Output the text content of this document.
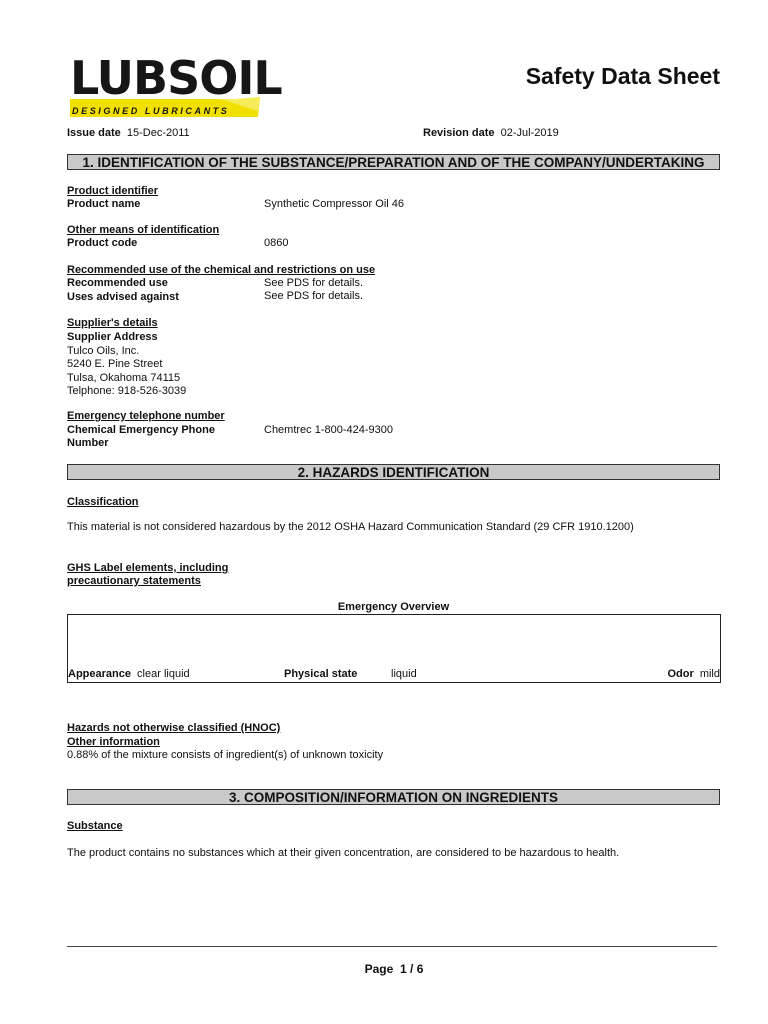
LUBSOIL
DESIGNED LUBRICANTS
Safety Data Sheet
Issue date 15-Dec-2011	Revision date 02-Jul-2019
1. IDENTIFICATION OF THE SUBSTANCE/PREPARATION AND OF THE COMPANY/UNDERTAKING
Product identifier
Product name	Synthetic Compressor Oil 46
Other means of identification
Product code	0860
Recommended use of the chemical and restrictions on use
Recommended use	See PDS for details.
Uses advised against	See PDS for details.
Supplier's details
Supplier Address
Tulco Oils, Inc.
5240 E. Pine Street
Tulsa, Okahoma 74115
Telphone: 918-526-3039
Emergency telephone number
Chemical Emergency Phone
Number
Chemtrec 1-800-424-9300
2. HAZARDS IDENTIFICATION
Classification
This material is not considered hazardous by the 2012 OSHA Hazard Communication Standard (29 CFR 1910.1200)
GHS Label elements, including
precautionary statements
Emergency Overview
Appearance clear liquid	Physical state	liquid	Odor mild
Hazards not otherwise classified (HNOC)
Other information
0.88% of the mixture consists of ingredient(s) of unknown toxicity
3. COMPOSITION/INFORMATION ON INGREDIENTS
Substance
The product contains no substances which at their given concentration, are considered to be hazardous to health.
Page 1 / 6
